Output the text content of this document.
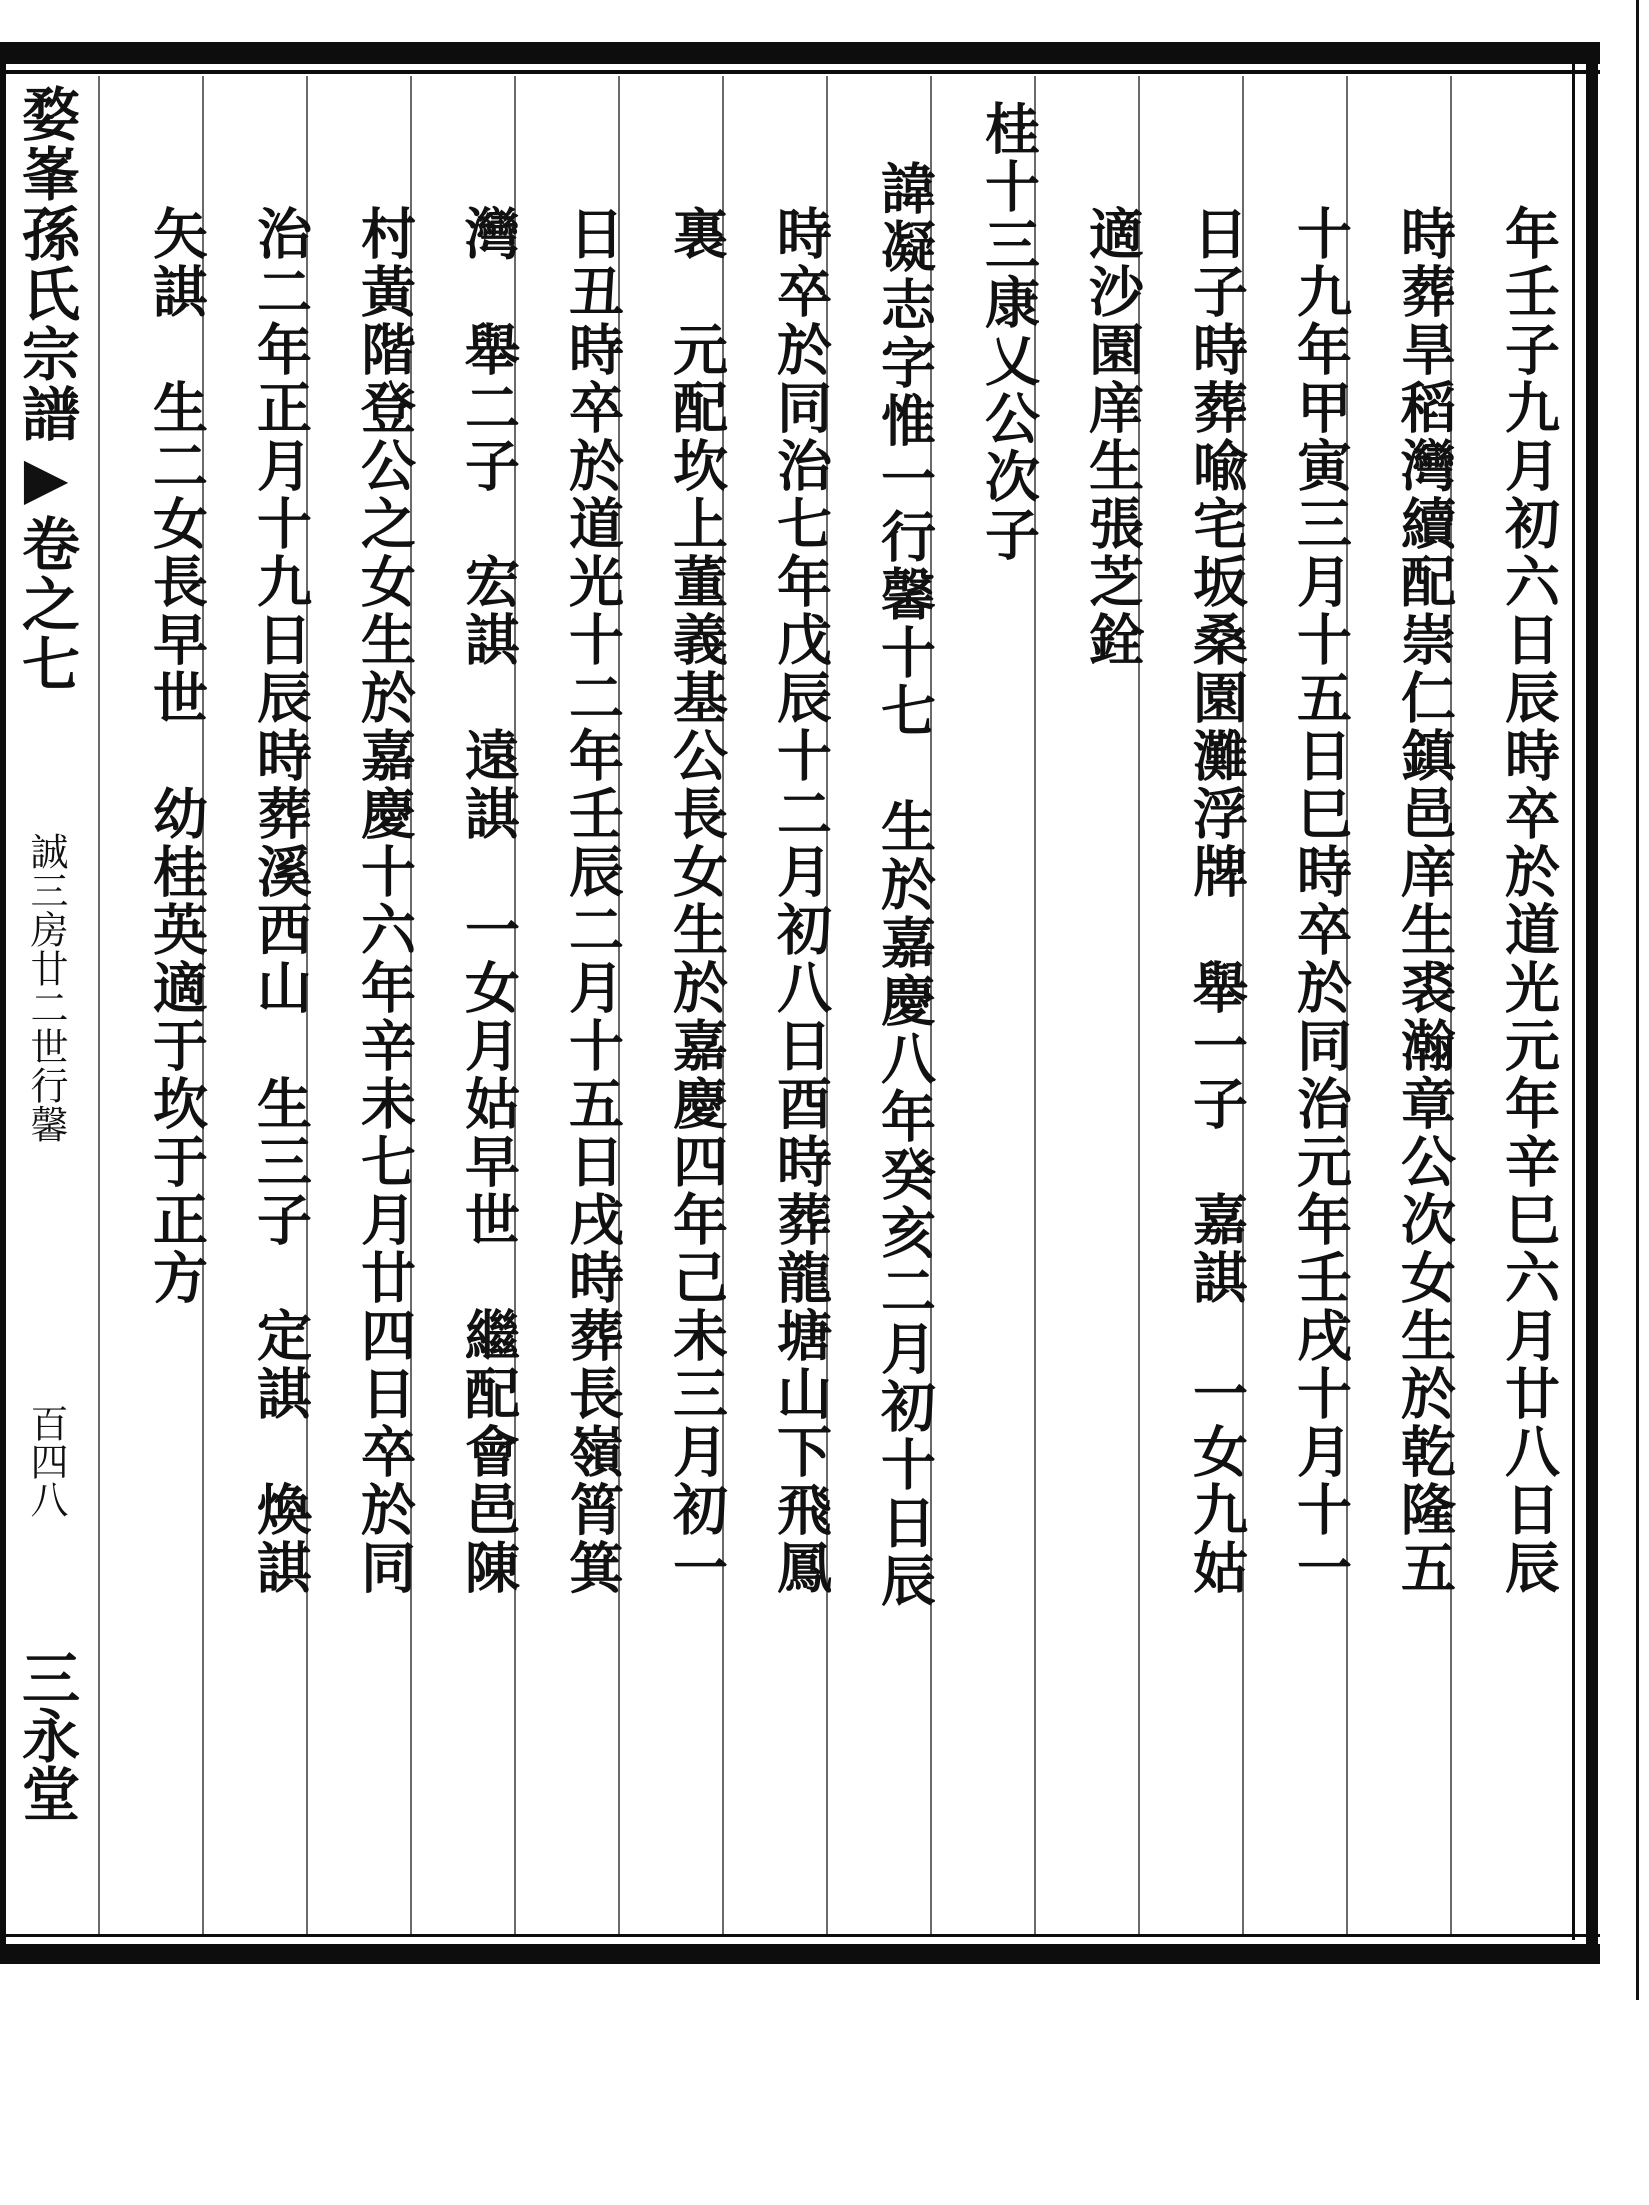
婺峯孫氏宗譜▶卷之七
誠三房廿二世行馨
百四八
三永堂
年壬子九月初六日辰時卒於道光元年辛巳六月廿八日辰
時葬旱稻灣續配崇仁鎮邑庠生裘瀚章公次女生於乾隆五
十九年甲寅三月十五日巳時卒於同治元年壬戌十月十一
日子時葬喩宅坂桑園灘浮牌　舉一子　嘉諆　一女九姑
適沙園庠生張芝銓
桂十三康乂公次子
諱凝志字惟一行馨十七　生於嘉慶八年癸亥二月初十日辰
時卒於同治七年戊辰十二月初八日酉時葬龍塘山下飛鳳
裏　元配坎上董義基公長女生於嘉慶四年己未三月初一
日丑時卒於道光十二年壬辰二月十五日戌時葬長嶺筲箕
灣　舉二子　宏諆　遠諆　一女月姑早世　繼配會邑陳
村黃階登公之女生於嘉慶十六年辛未七月廿四日卒於同
治二年正月十九日辰時葬溪西山　生三子　定諆　煥諆
矢諆　生二女長早世　幼桂英適于坎于正方
